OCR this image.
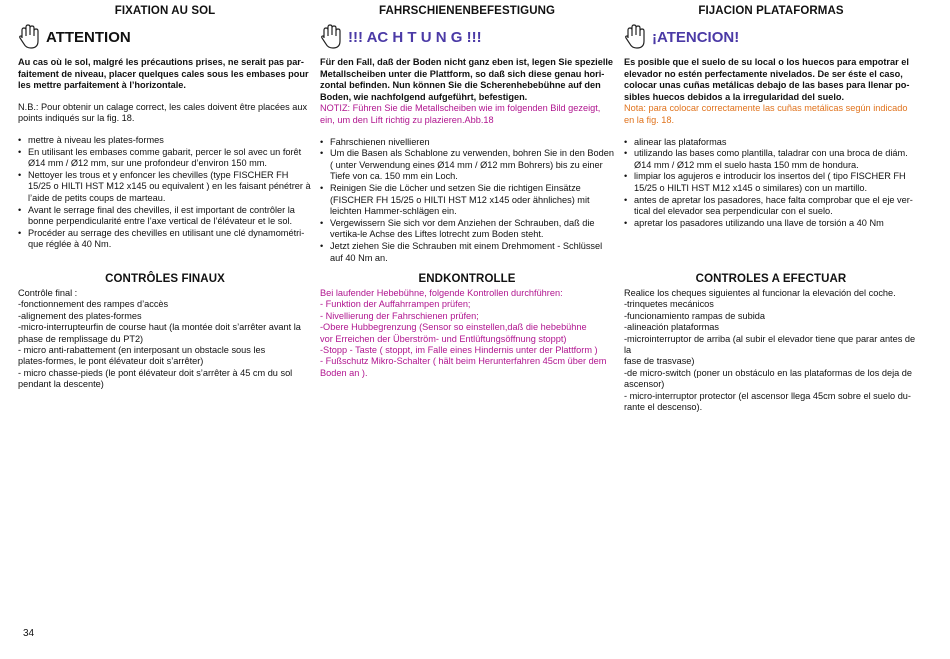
FIXATION AU SOL
ATTENTION
Au cas où le sol, malgré les précautions prises, ne serait pas par-faitement de niveau, placer quelques cales sous les embases pour les mettre parfaitement à l’horizontale.
N.B.: Pour obtenir un calage correct, les cales doivent être placées aux points indiqués sur la fig. 18.
• mettre à niveau les plates-formes
• En utilisant les embases comme gabarit, percer le sol avec un forêt Ø14 mm / Ø12 mm, sur une profondeur d’environ 150 mm.
• Nettoyer les trous et y enfoncer les chevilles (type FISCHER FH 15/25 o HILTI HST M12 x145 ou equivalent ) en les faisant pénétrer à l’aide de petits coups de marteau.
• Avant le serrage final des chevilles, il est important de contrôler la bonne perpendicularité entre l’axe vertical de l’élévateur et le sol.
• Procéder au serrage des chevilles en utilisant une clé dynamométri-que réglée à 40 Nm.
FAHRSCHIENENBEFESTIGUNG
!!! AC H T U N G !!!
Für den Fall, daß der Boden nicht ganz eben ist, legen Sie spezielle Metallscheiben unter die Plattform, so daß sich diese genau hori-zontal befinden. Nun können Sie die Scherenhebebühne auf den Boden, wie nachfolgend aufgeführt, befestigen.
NOTIZ: Führen Sie die Metallscheiben wie im folgenden Bild gezeigt, ein, um den Lift richtig zu plazieren.Abb.18
• Fahrschienen nivellieren
• Um die Basen als Schablone zu verwenden, bohren Sie in den Boden ( unter Verwendung eines Ø14 mm / Ø12 mm Bohrers) bis zu einer Tiefe von ca. 150 mm ein Loch.
• Reinigen Sie die Löcher und setzen Sie die richtigen Einsätze (FISCHER FH 15/25 o HILTI HST M12 x145 oder ähnliches) mit leichten Hammer-schlägen ein.
• Vergewissern Sie sich vor dem Anziehen der Schrauben, daß die vertika-le Achse des Liftes lotrecht zum Boden steht.
• Jetzt ziehen Sie die Schrauben mit einem Drehmoment - Schlüssel auf 40 Nm an.
FIJACION PLATAFORMAS
¡ATENCION!
Es posible que el suelo de su local o los huecos para empotrar el elevador no estén perfectamente nivelados. De ser éste el caso, colocar unas cuñas metálicas debajo de las bases para llenar po-sibles huecos debidos a la irregularidad del suelo.
Nota: para colocar correctamente las cuñas metálicas según indicado en la fig. 18.
• alinear las plataformas
• utilizando las bases como plantilla, taladrar con una broca de diám. Ø14 mm / Ø12 mm el suelo hasta 150 mm de hondura.
• limpiar los agujeros e introducir los insertos del ( tipo FISCHER FH 15/25 o HILTI HST M12 x145 o similares) con un martillo.
• antes de apretar los pasadores, hace falta comprobar que el eje ver-tical del elevador sea perpendicular con el suelo.
• apretar los pasadores utilizando una llave de torsión a 40 Nm
CONTRÔLES FINAUX
Contrôle final :
-fonctionnement des rampes d’accès
-alignement des plates-formes
-micro-interrupteurfin de course haut (la montée doit s’arrêter avant la
phase de remplissage du PT2)
- micro anti-rabattement (en interposant un obstacle sous les
plates-formes, le pont élévateur doit s’arrêter)
- micro chasse-pieds (le pont élévateur doit s’arrêter à 45 cm du sol
pendant la descente)
ENDKONTROLLE
Bei laufender Hebebühne, folgende Kontrollen durchführen:
- Funktion der Auffahrrampen prüfen;
- Nivellierung der Fahrschienen prüfen;
-Obere Hubbegrenzung (Sensor so einstellen,daß die hebebühne
vor Erreichen der Überström- und Entlüftungsöffnung stoppt)
-Stopp - Taste ( stoppt, im Falle eines Hindernis unter der Plattform )
- Fußschutz Mikro-Schalter ( hält beim Herunterfahren 45cm über dem
Boden an ).
CONTROLES A EFECTUAR
Realice los cheques siguientes al funcionar la elevación del coche.
-trinquetes mecánicos
-funcionamiento rampas de subida
-alineación plataformas
-microinterruptor de arriba (al subir el elevador tiene que parar antes de la
fase de trasvase)
-de micro-switch (poner un obstáculo en las plataformas de los deja de
ascensor)
- micro-interruptor protector (el ascensor llega 45cm sobre el suelo du-
rante el descenso).
34
